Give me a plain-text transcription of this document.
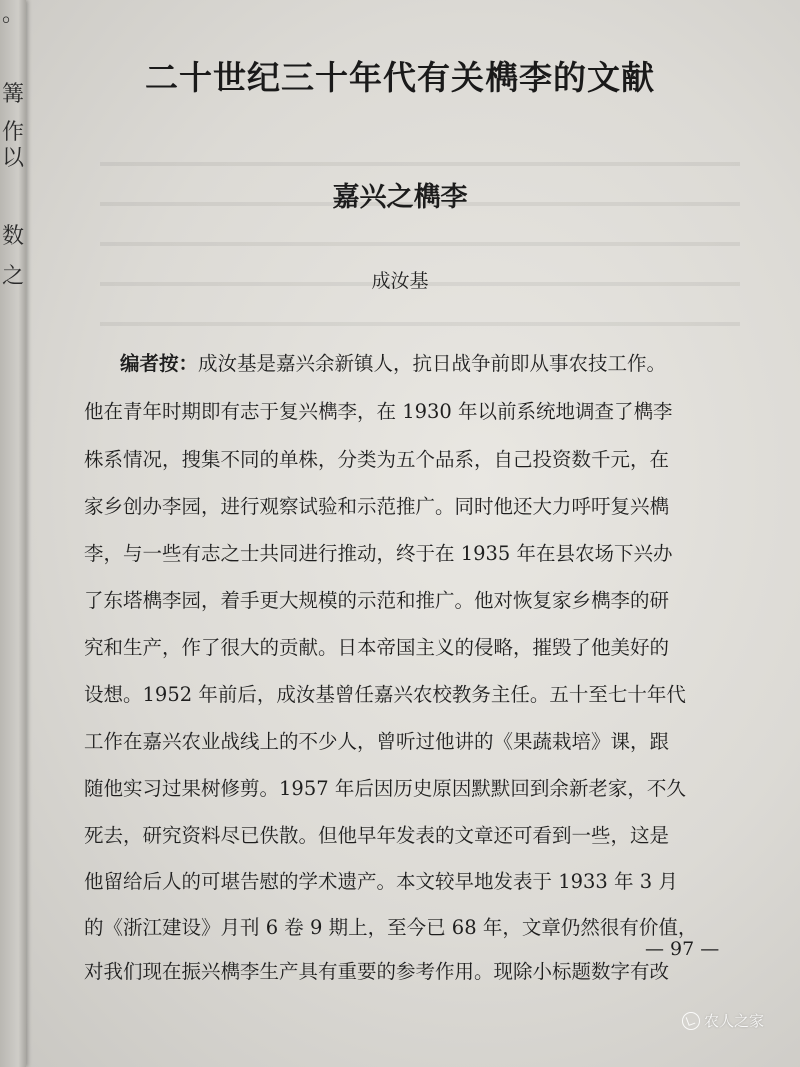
。
篝
作
以
数
之
二十世纪三十年代有关檇李的文献
嘉兴之檇李
成汝基
编者按：成汝基是嘉兴余新镇人，抗日战争前即从事农技工作。
他在青年时期即有志于复兴檇李，在 1930 年以前系统地调查了檇李
株系情况，搜集不同的单株，分类为五个品系，自己投资数千元，在
家乡创办李园，进行观察试验和示范推广。同时他还大力呼吁复兴檇
李，与一些有志之士共同进行推动，终于在 1935 年在县农场下兴办
了东塔檇李园，着手更大规模的示范和推广。他对恢复家乡檇李的研
究和生产，作了很大的贡献。日本帝国主义的侵略，摧毁了他美好的
设想。1952 年前后，成汝基曾任嘉兴农校教务主任。五十至七十年代
工作在嘉兴农业战线上的不少人，曾听过他讲的《果蔬栽培》课，跟
随他实习过果树修剪。1957 年后因历史原因默默回到余新老家，不久
死去，研究资料尽已佚散。但他早年发表的文章还可看到一些，这是
他留给后人的可堪告慰的学术遗产。本文较早地发表于 1933 年 3 月
的《浙江建设》月刊 6 卷 9 期上，至今已 68 年，文章仍然很有价值，
对我们现在振兴檇李生产具有重要的参考作用。现除小标题数字有改
— 97 —
农人之家
